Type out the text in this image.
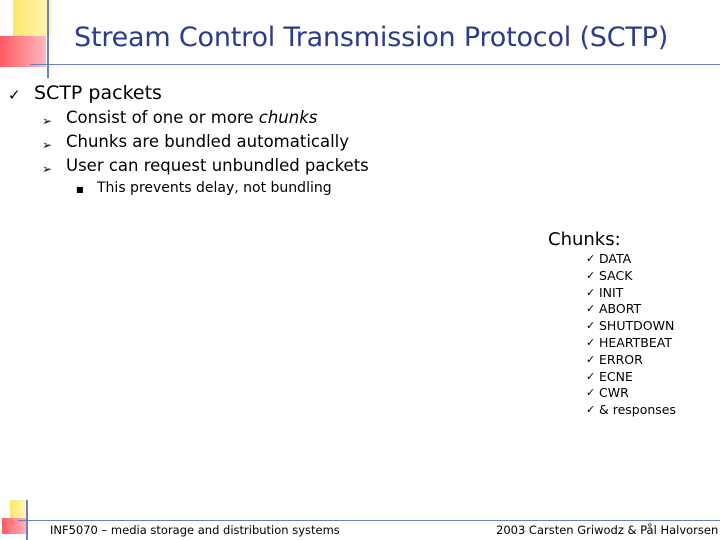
Stream Control Transmission Protocol (SCTP)
✓ SCTP packets
➢ Consist of one or more chunks
➢ Chunks are bundled automatically
➢ User can request unbundled packets
■ This prevents delay, not bundling
Chunks:
✓ DATA
✓ SACK
✓ INIT
✓ ABORT
✓ SHUTDOWN
✓ HEARTBEAT
✓ ERROR
✓ ECNE
✓ CWR
✓ & responses
INF5070 – media storage and distribution systems	2003 Carsten Griwodz & Pål Halvorsen
